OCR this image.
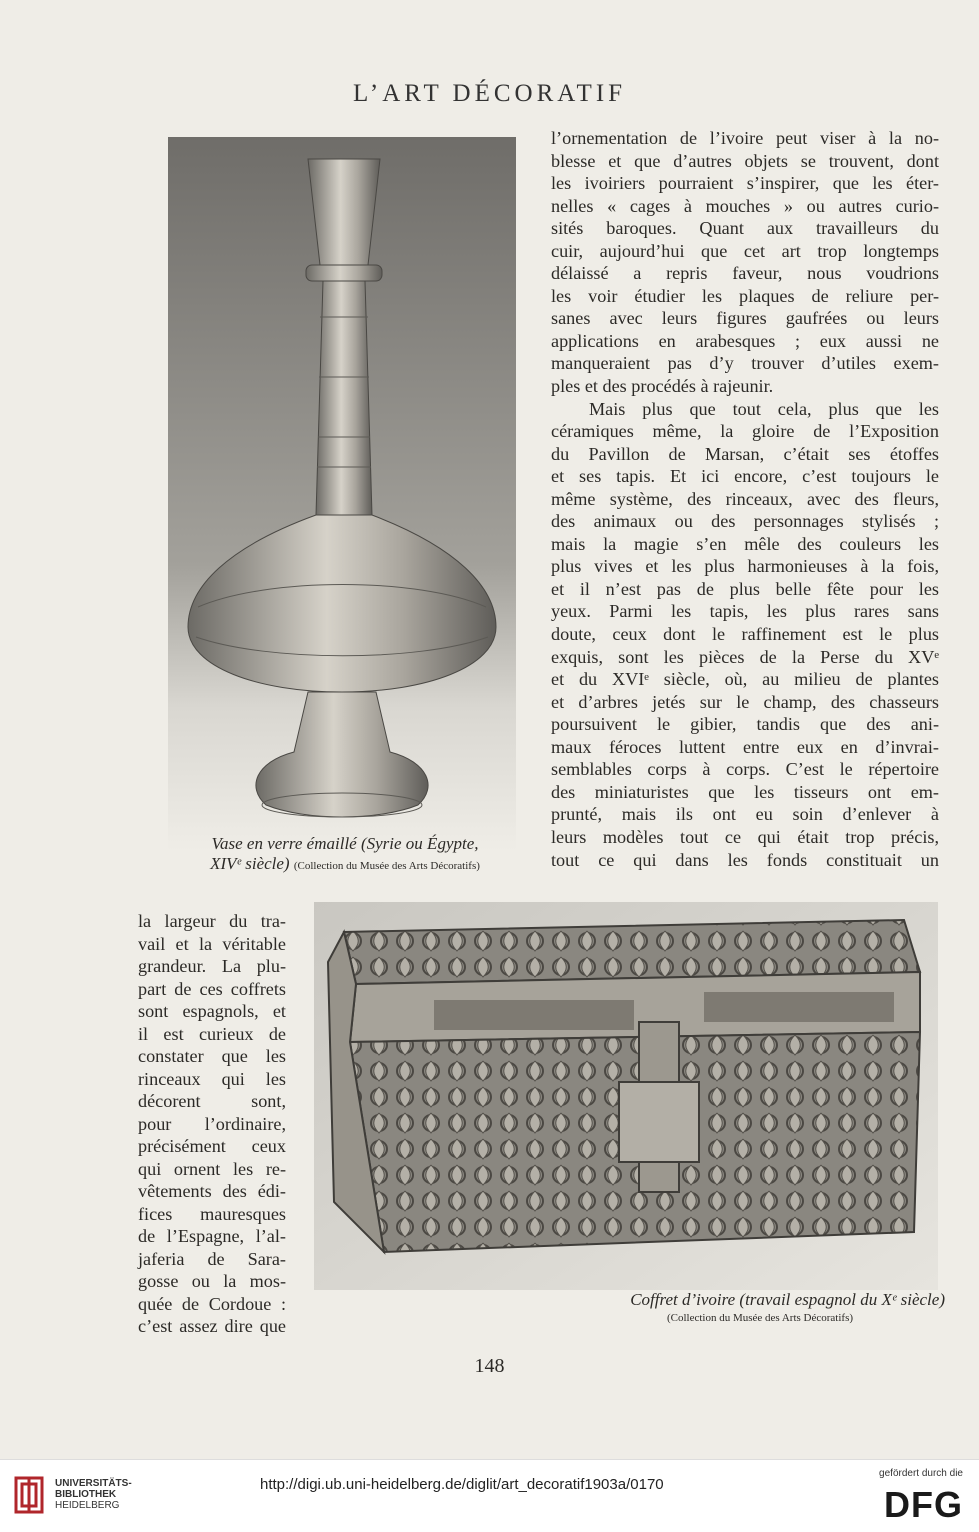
L’ART DÉCORATIF
Vase en verre émaillé (Syrie ou Égypte,
XIVᵉ siècle) (Collection du Musée des Arts Décoratifs)
l’ornementation de l’ivoire peut viser à la no-
blesse et que d’autres objets se trouvent, dont
les ivoiriers pourraient s’inspirer, que les éter-
nelles « cages à mouches » ou autres curio-
sités baroques. Quant aux travailleurs du
cuir, aujourd’hui que cet art trop longtemps
délaissé a repris faveur, nous voudrions
les voir étudier les plaques de reliure per-
sanes avec leurs figures gaufrées ou leurs
applications en arabesques ; eux aussi ne
manqueraient pas d’y trouver d’utiles exem-
ples et des procédés à rajeunir.
Mais plus que tout cela, plus que les
céramiques même, la gloire de l’Exposition
du Pavillon de Marsan, c’était ses étoffes
et ses tapis. Et ici encore, c’est toujours le
même système, des rinceaux, avec des fleurs,
des animaux ou des personnages stylisés ;
mais la magie s’en mêle des couleurs les
plus vives et les plus harmonieuses à la fois,
et il n’est pas de plus belle fête pour les
yeux. Parmi les tapis, les plus rares sans
doute, ceux dont le raffinement est le plus
exquis, sont les pièces de la Perse du XVᵉ
et du XVIᵉ siècle, où, au milieu de plantes
et d’arbres jetés sur le champ, des chasseurs
poursuivent le gibier, tandis que des ani-
maux féroces luttent entre eux en d’invrai-
semblables corps à corps. C’est le répertoire
des miniaturistes que les tisseurs ont em-
prunté, mais ils ont eu soin d’enlever à
leurs modèles tout ce qui était trop précis,
tout ce qui dans les fonds constituait un
la largeur du tra-
vail et la véritable
grandeur. La plu-
part de ces coffrets
sont espagnols, et
il est curieux de
constater que les
rinceaux qui les
décorent sont,
pour l’ordinaire,
précisément ceux
qui ornent les re-
vêtements des édi-
fices mauresques
de l’Espagne, l’al-
jaferia de Sara-
gosse ou la mos-
quée de Cordoue :
c’est assez dire que
Coffret d’ivoire (travail espagnol du Xᵉ siècle)
(Collection du Musée des Arts Décoratifs)
148
UNIVERSITÄTS-
BIBLIOTHEK
HEIDELBERG
http://digi.ub.uni-heidelberg.de/diglit/art_decoratif1903a/0170
gefördert durch die
DFG
